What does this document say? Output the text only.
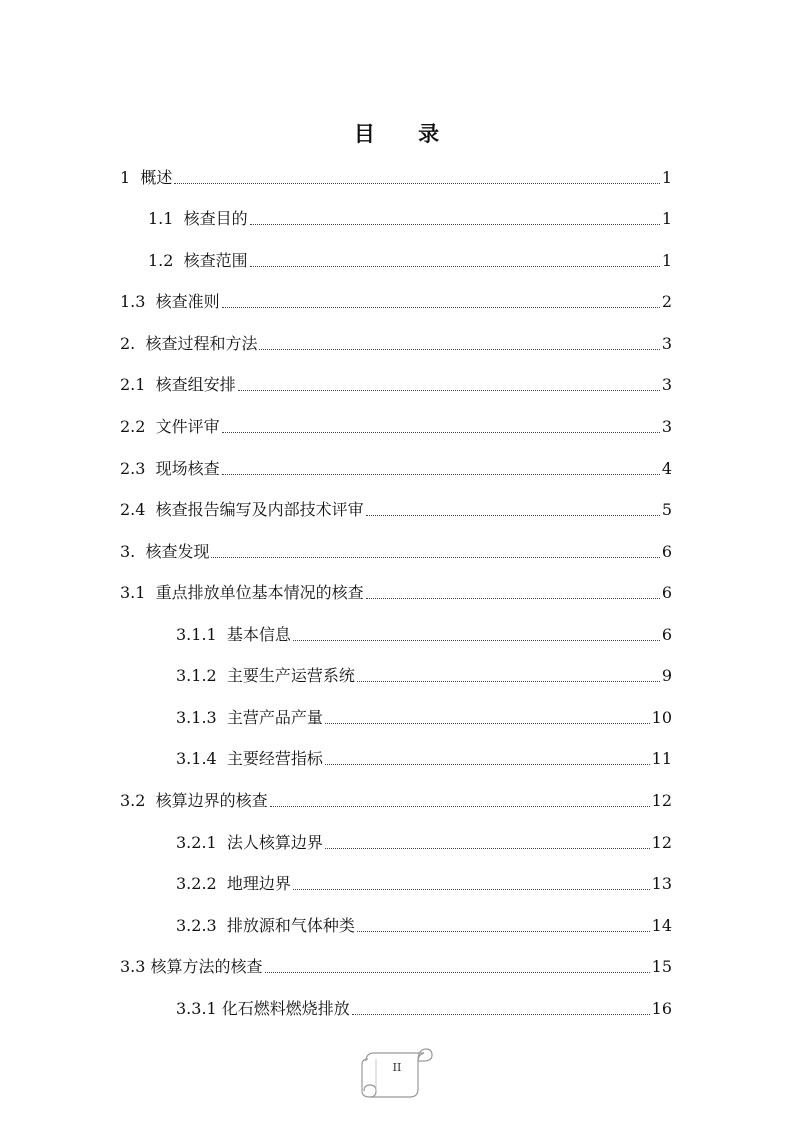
目 录
1 概述	1
1.1 核查目的	1
1.2 核查范围	1
1.3 核查准则	2
2. 核查过程和方法	3
2.1 核查组安排	3
2.2 文件评审	3
2.3 现场核查	4
2.4 核查报告编写及内部技术评审	5
3. 核查发现	6
3.1 重点排放单位基本情况的核查	6
3.1.1 基本信息	6
3.1.2 主要生产运营系统	9
3.1.3 主营产品产量	10
3.1.4 主要经营指标	11
3.2 核算边界的核查	12
3.2.1 法人核算边界	12
3.2.2 地理边界	13
3.2.3 排放源和气体种类	14
3.3 核算方法的核查	15
3.3.1 化石燃料燃烧排放	16
II
